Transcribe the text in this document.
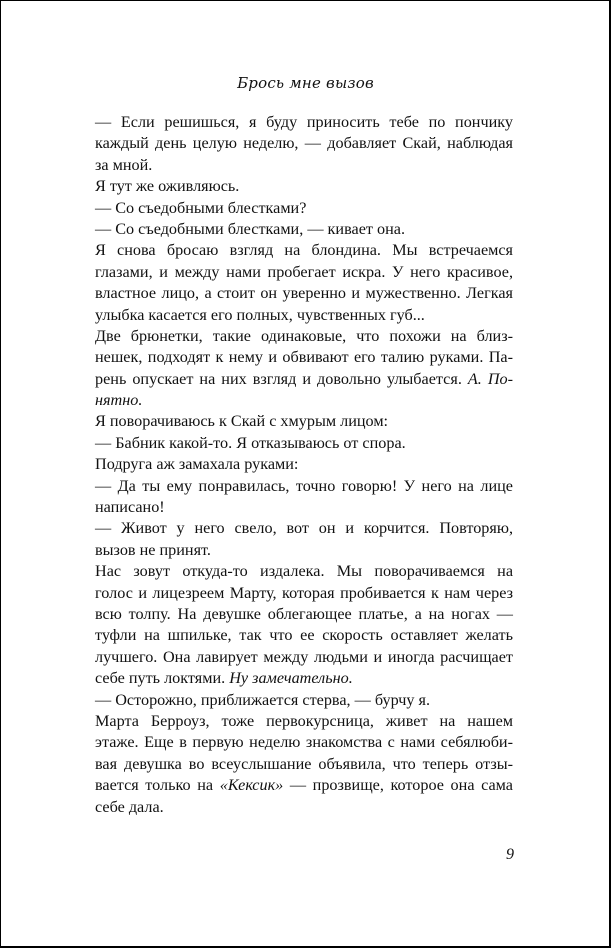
Брось мне вызов
— Если решишься, я буду приносить тебе по пончику
каждый день целую неделю, — добавляет Скай, наблюдая
за мной.
Я тут же оживляюсь.
— Со съедобными блестками?
— Со съедобными блестками, — кивает она.
Я снова бросаю взгляд на блондина. Мы встречаемся
глазами, и между нами пробегает искра. У него красивое,
властное лицо, а стоит он уверенно и мужественно. Легкая
улыбка касается его полных, чувственных губ...
Две брюнетки, такие одинаковые, что похожи на близ-
нешек, подходят к нему и обвивают его талию руками. Па-
рень опускает на них взгляд и довольно улыбается. А. По-
нятно.
Я поворачиваюсь к Скай с хмурым лицом:
— Бабник какой-то. Я отказываюсь от спора.
Подруга аж замахала руками:
— Да ты ему понравилась, точно говорю! У него на лице
написано!
— Живот у него свело, вот он и корчится. Повторяю,
вызов не принят.
Нас зовут откуда-то издалека. Мы поворачиваемся на
голос и лицезреем Марту, которая пробивается к нам через
всю толпу. На девушке облегающее платье, а на ногах —
туфли на шпильке, так что ее скорость оставляет желать
лучшего. Она лавирует между людьми и иногда расчищает
себе путь локтями. Ну замечательно.
— Осторожно, приближается стерва, — бурчу я.
Марта Берроуз, тоже первокурсница, живет на нашем
этаже. Еще в первую неделю знакомства с нами себялюби-
вая девушка во всеуслышание объявила, что теперь отзы-
вается только на «Кексик» — прозвище, которое она сама
себе дала.
9
